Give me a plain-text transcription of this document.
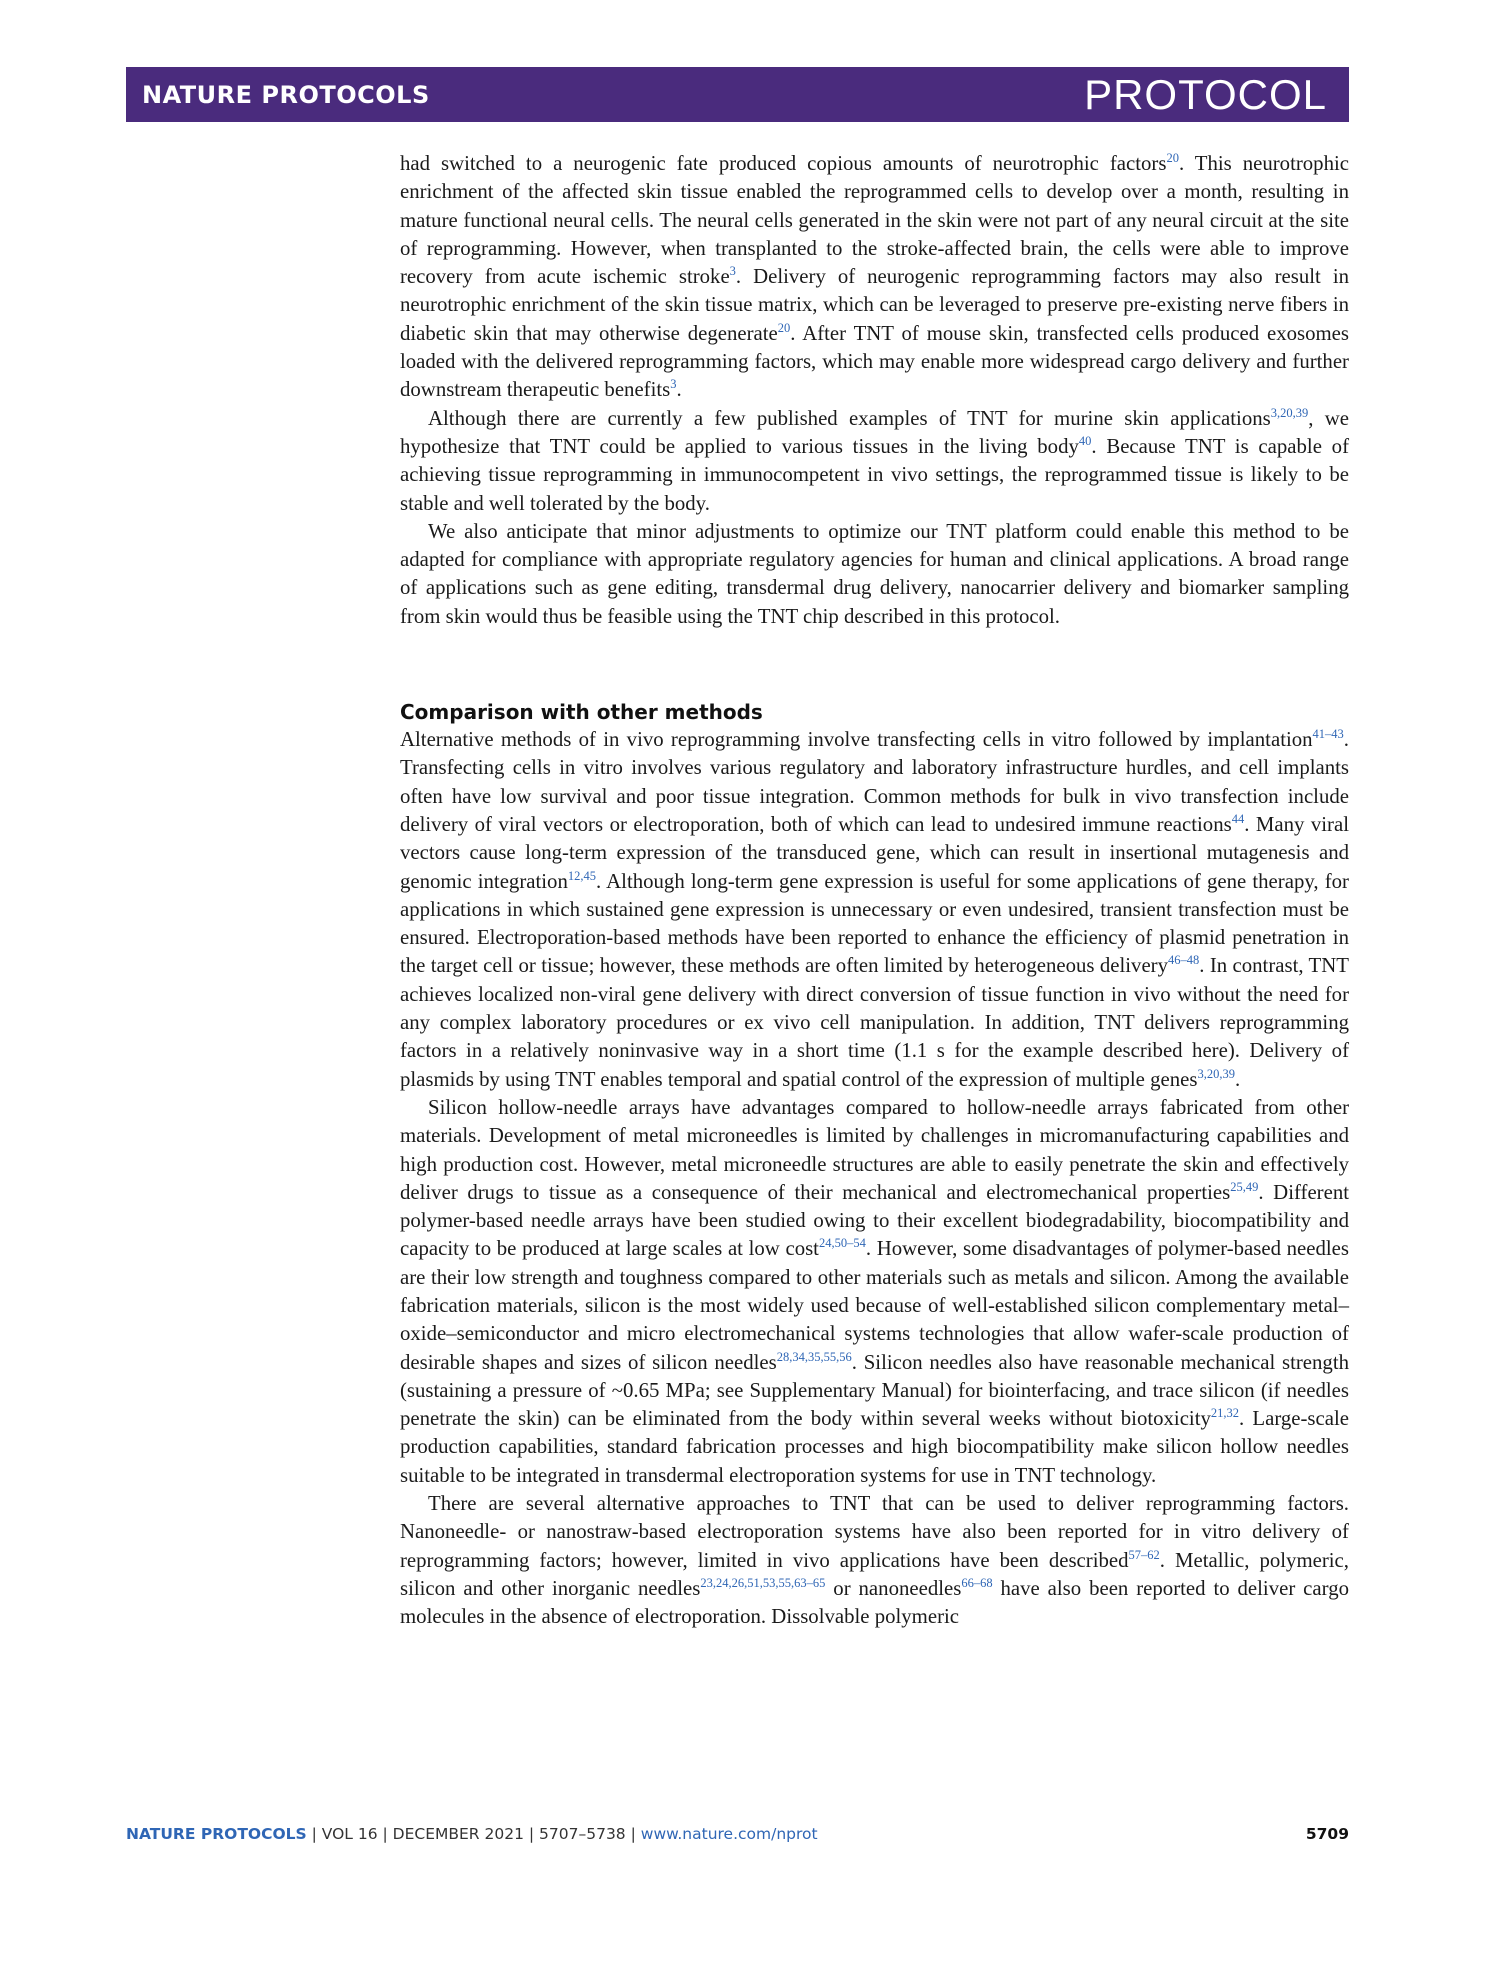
NATURE PROTOCOLS	PROTOCOL

had switched to a neurogenic fate produced copious amounts of neurotrophic factors$^{20}$. This neurotrophic enrichment of the affected skin tissue enabled the reprogrammed cells to develop over a month, resulting in mature functional neural cells. The neural cells generated in the skin were not part of any neural circuit at the site of reprogramming. However, when transplanted to the stroke-affected brain, the cells were able to improve recovery from acute ischemic stroke$^3$. Delivery of neurogenic reprogramming factors may also result in neurotrophic enrichment of the skin tissue matrix, which can be leveraged to preserve pre-existing nerve fibers in diabetic skin that may otherwise degenerate$^{20}$. After TNT of mouse skin, transfected cells produced exosomes loaded with the delivered reprogramming factors, which may enable more widespread cargo delivery and further downstream therapeutic benefits$^3$.

Although there are currently a few published examples of TNT for murine skin applications$^{3,20,39}$, we hypothesize that TNT could be applied to various tissues in the living body$^{40}$. Because TNT is capable of achieving tissue reprogramming in immunocompetent in vivo settings, the reprogrammed tissue is likely to be stable and well tolerated by the body.

We also anticipate that minor adjustments to optimize our TNT platform could enable this method to be adapted for compliance with appropriate regulatory agencies for human and clinical applications. A broad range of applications such as gene editing, transdermal drug delivery, nanocarrier delivery and biomarker sampling from skin would thus be feasible using the TNT chip described in this protocol.

Comparison with other methods

Alternative methods of in vivo reprogramming involve transfecting cells in vitro followed by implantation$^{41-43}$. Transfecting cells in vitro involves various regulatory and laboratory infrastructure hurdles, and cell implants often have low survival and poor tissue integration. Common methods for bulk in vivo transfection include delivery of viral vectors or electroporation, both of which can lead to undesired immune reactions$^{44}$. Many viral vectors cause long-term expression of the transduced gene, which can result in insertional mutagenesis and genomic integration$^{12,45}$. Although long-term gene expression is useful for some applications of gene therapy, for applications in which sustained gene expression is unnecessary or even undesired, transient transfection must be ensured. Electroporation-based methods have been reported to enhance the efficiency of plasmid penetration in the target cell or tissue; however, these methods are often limited by heterogeneous delivery$^{46-48}$. In contrast, TNT achieves localized non-viral gene delivery with direct conversion of tissue function in vivo without the need for any complex laboratory procedures or ex vivo cell manipulation. In addition, TNT delivers reprogramming factors in a relatively noninvasive way in a short time (1.1 s for the example described here). Delivery of plasmids by using TNT enables temporal and spatial control of the expression of multiple genes$^{3,20,39}$.

Silicon hollow-needle arrays have advantages compared to hollow-needle arrays fabricated from other materials. Development of metal microneedles is limited by challenges in micromanufacturing capabilities and high production cost. However, metal microneedle structures are able to easily penetrate the skin and effectively deliver drugs to tissue as a consequence of their mechanical and electromechanical properties$^{25,49}$. Different polymer-based needle arrays have been studied owing to their excellent biodegradability, biocompatibility and capacity to be produced at large scales at low cost$^{24,50-54}$. However, some disadvantages of polymer-based needles are their low strength and toughness compared to other materials such as metals and silicon. Among the available fabrication materials, silicon is the most widely used because of well-established silicon complementary metal–oxide–semiconductor and micro electromechanical systems technologies that allow wafer-scale production of desirable shapes and sizes of silicon needles$^{28,34,35,55,56}$. Silicon needles also have reasonable mechanical strength (sustaining a pressure of ~0.65 MPa; see Supplementary Manual) for biointerfacing, and trace silicon (if needles penetrate the skin) can be eliminated from the body within several weeks without biotoxicity$^{21,32}$. Large-scale production capabilities, standard fabrication processes and high biocompatibility make silicon hollow needles suitable to be integrated in transdermal electroporation systems for use in TNT technology.

There are several alternative approaches to TNT that can be used to deliver reprogramming factors. Nanoneedle- or nanostraw-based electroporation systems have also been reported for in vitro delivery of reprogramming factors; however, limited in vivo applications have been described$^{57-62}$. Metallic, polymeric, silicon and other inorganic needles$^{23,24,26,51,53,55,63-65}$ or nanoneedles$^{66-68}$ have also been reported to deliver cargo molecules in the absence of electroporation. Dissolvable polymeric

NATURE PROTOCOLS | VOL 16 | DECEMBER 2021 | 5707–5738 | www.nature.com/nprot	5709
